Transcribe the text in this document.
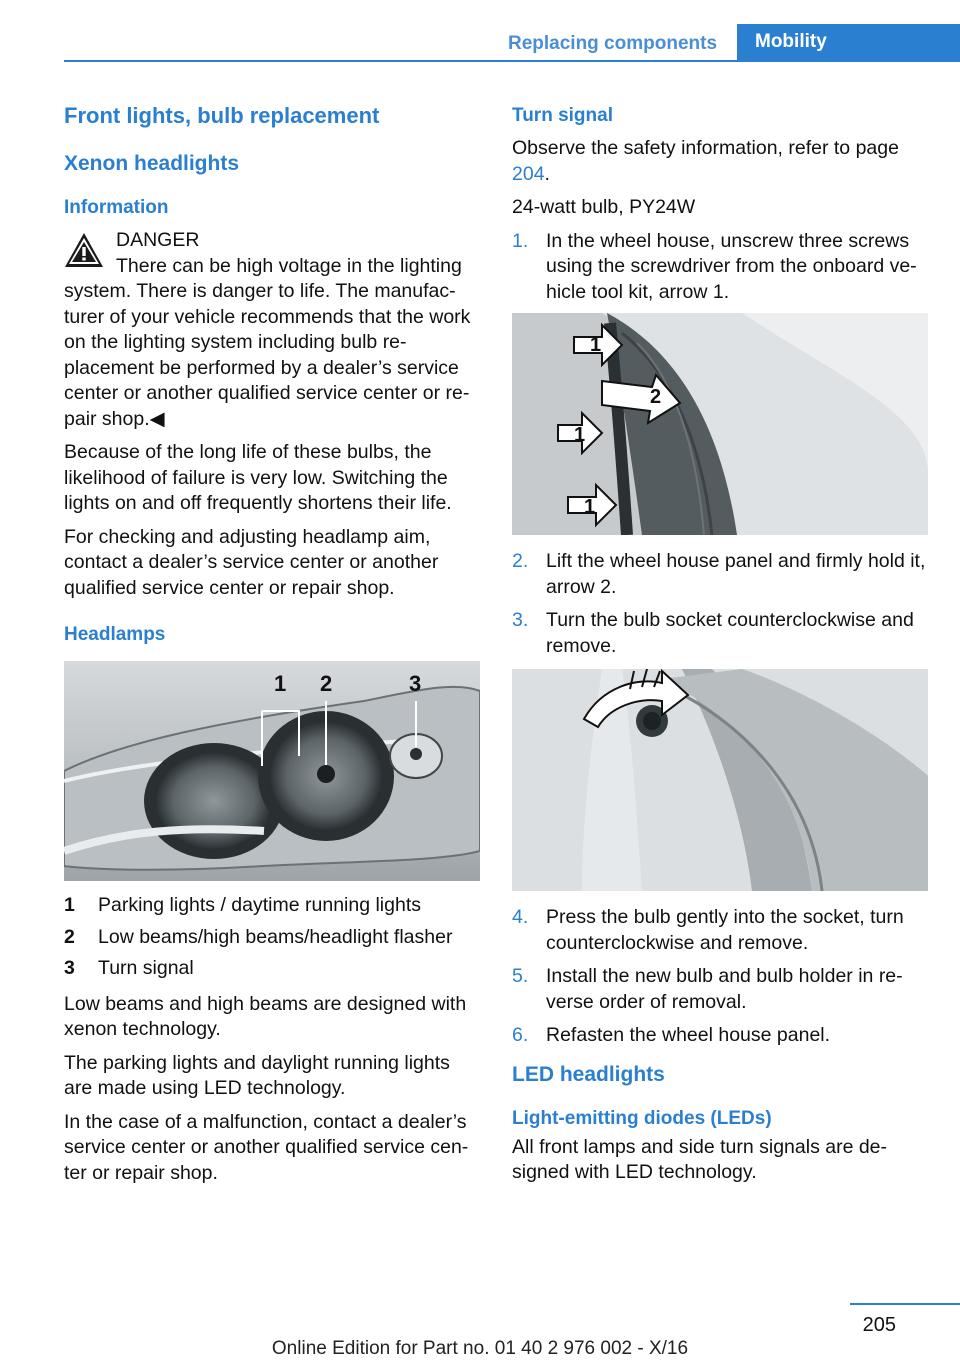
Replacing components	Mobility
Front lights, bulb replacement
Xenon headlights
Information
DANGER
There can be high voltage in the lighting
system. There is danger to life. The manufac‐ turer of your vehicle recommends that the work on the lighting system including bulb re‐ placement be performed by a dealer’s service center or another qualified service center or re‐ pair shop.◀

Because of the long life of these bulbs, the likelihood of failure is very low. Switching the lights on and off frequently shortens their life.

For checking and adjusting headlamp aim, contact a dealer’s service center or another qualified service center or repair shop.

Headlamps
1 2	3
1	Parking lights / daytime running lights
2	Low beams/high beams/headlight flasher
3	Turn signal

Low beams and high beams are designed with xenon technology.

The parking lights and daylight running lights are made using LED technology.

In the case of a malfunction, contact a dealer’s service center or another qualified service cen‐ ter or repair shop.

Turn signal

Observe the safety information, refer to page 204.

24-watt bulb, PY24W

1. In the wheel house, unscrew three screws using the screwdriver from the onboard ve‐ hicle tool kit, arrow 1.
1
2
1
1
2. Lift the wheel house panel and firmly hold it, arrow 2.
3. Turn the bulb socket counterclockwise and remove.
4. Press the bulb gently into the socket, turn counterclockwise and remove.
5. Install the new bulb and bulb holder in re‐ verse order of removal.
6. Refasten the wheel house panel.
LED headlights
Light-emitting diodes (LEDs)

All front lamps and side turn signals are de‐ signed with LED technology.

205
Online Edition for Part no. 01 40 2 976 002 - X/16
